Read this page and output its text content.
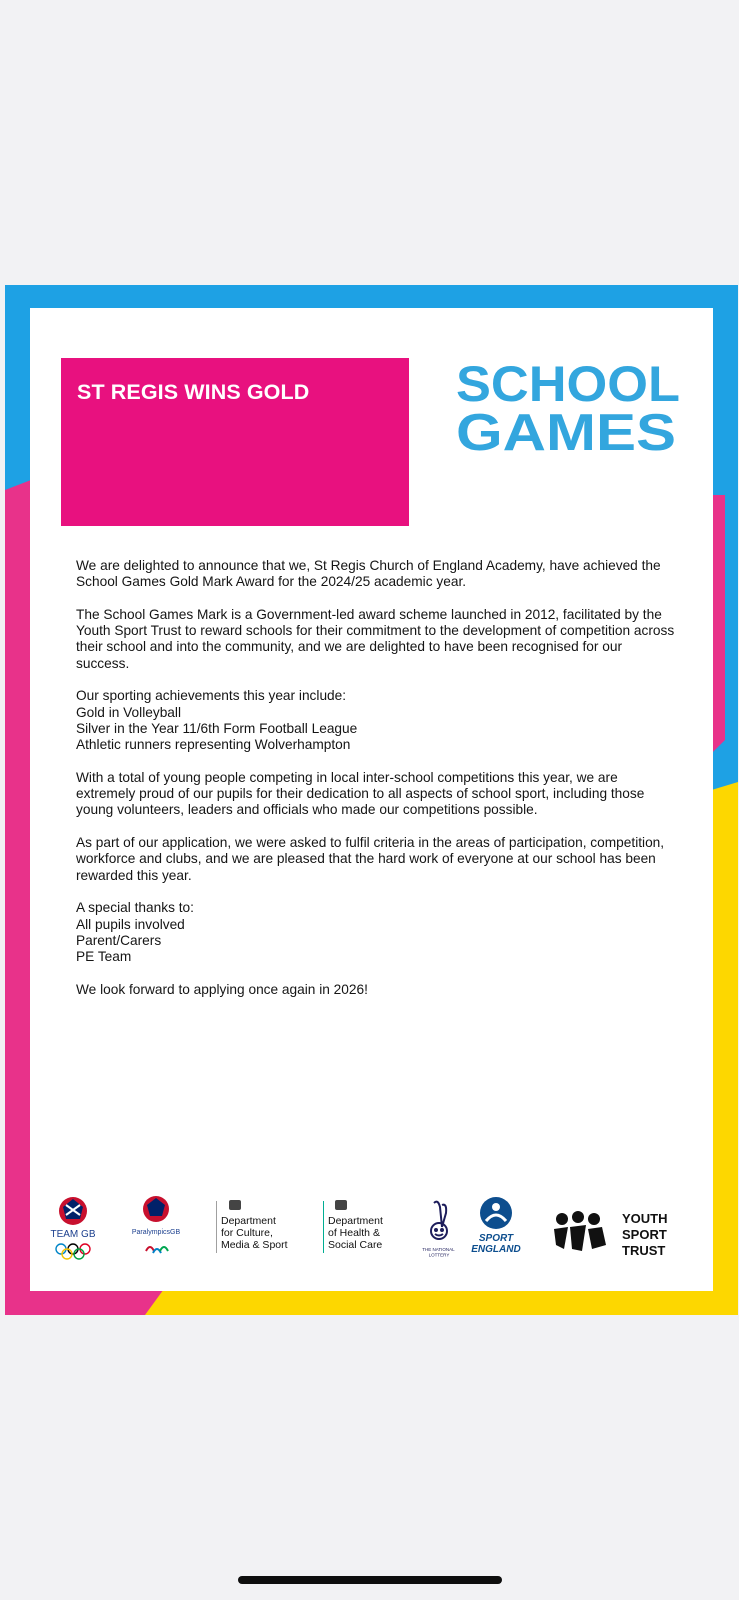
ST REGIS WINS GOLD	SCHOOL
GAMES

We are delighted to announce that we, St Regis Church of England Academy, have achieved the School Games Gold Mark Award for the 2024/25 academic year.

The School Games Mark is a Government-led award scheme launched in 2012, facilitated by the Youth Sport Trust to reward schools for their commitment to the development of competition across their school and into the community, and we are delighted to have been recognised for our success.

Our sporting achievements this year include:
Gold in Volleyball
Silver in the Year 11/6th Form Football League
Athletic runners representing Wolverhampton

With a total of young people competing in local inter-school competitions this year, we are extremely proud of our pupils for their dedication to all aspects of school sport, including those young volunteers, leaders and officials who made our competitions possible.

As part of our application, we were asked to fulfil criteria in the areas of participation, competition, workforce and clubs, and we are pleased that the hard work of everyone at our school has been rewarded this year.

A special thanks to:
All pupils involved
Parent/Carers
PE Team

We look forward to applying once again in 2026!

TEAM GB	ParalympicsGB
Department
for Culture,
Media & Sport
Department
of Health &
Social Care	THE NATIONAL LOTTERY
SPORT
ENGLAND
YOUTH
SPORT
TRUST
